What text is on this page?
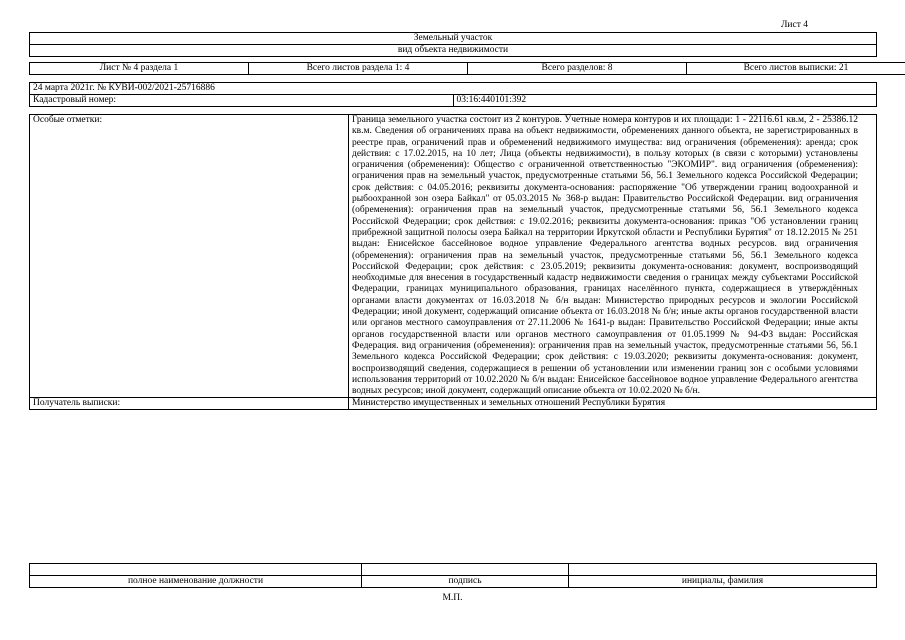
Лист 4
Земельный участок
вид объекта недвижимости
Лист № 4 раздела 1	Всего листов раздела 1: 4	Всего разделов: 8	Всего листов выписки: 21
24 марта 2021г. № КУВИ-002/2021-25716886
Кадастровый номер:	03:16:440101:392
Особые отметки:	Граница земельного участка состоит из 2 контуров. Учетные номера контуров и их площади: 1 - 22116.61 кв.м, 2 - 25386.12 кв.м. Сведения об ограничениях права на объект недвижимости, обременениях данного объекта, не зарегистрированных в реестре прав, ограничений прав и обременений недвижимого имущества: вид ограничения (обременения): аренда; срок действия: с 17.02.2015, на 10 лет; Лица (объекты недвижимости), в пользу которых (в связи с которыми) установлены ограничения (обременения): Общество с ограниченной ответственностью "ЭКОМИР". вид ограничения (обременения): ограничения прав на земельный участок, предусмотренные статьями 56, 56.1 Земельного кодекса Российской Федерации; срок действия: с 04.05.2016; реквизиты документа-основания: распоряжение "Об утверждении границ водоохранной и рыбоохранной зон озера Байкал" от 05.03.2015 № 368-р выдан: Правительство Российской Федерации. вид ограничения (обременения): ограничения прав на земельный участок, предусмотренные статьями 56, 56.1 Земельного кодекса Российской Федерации; срок действия: с 19.02.2016; реквизиты документа-основания: приказ "Об установлении границ прибрежной защитной полосы озера Байкал на территории Иркутской области и Республики Бурятия" от 18.12.2015 № 251 выдан: Енисейское бассейновое водное управление Федерального агентства водных ресурсов. вид ограничения (обременения): ограничения прав на земельный участок, предусмотренные статьями 56, 56.1 Земельного кодекса Российской Федерации; срок действия: с 23.05.2019; реквизиты документа-основания: документ, воспроизводящий необходимые для внесения в государственный кадастр недвижимости сведения о границах между субъектами Российской Федерации, границах муниципального образования, границах населённого пункта, содержащиеся в утверждённых органами власти документах от 16.03.2018 № б/н выдан: Министерство природных ресурсов и экологии Российской Федерации; иной документ, содержащий описание объекта от 16.03.2018 № б/н; иные акты органов государственной власти или органов местного самоуправления от 27.11.2006 № 1641-р выдан: Правительство Российской Федерации; иные акты органов государственной власти или органов местного самоуправления от 01.05.1999 № 94-ФЗ выдан: Российская Федерация. вид ограничения (обременения): ограничения прав на земельный участок, предусмотренные статьями 56, 56.1 Земельного кодекса Российской Федерации; срок действия: с 19.03.2020; реквизиты документа-основания: документ, воспроизводящий сведения, содержащиеся в решении об установлении или изменении границ зон с особыми условиями использования территорий от 10.02.2020 № б/н выдан: Енисейское бассейновое водное управление Федерального агентства водных ресурсов; иной документ, содержащий описание объекта от 10.02.2020 № б/н.
Получатель выписки:	Министерство имущественных и земельных отношений Республики Бурятия

полное наименование должности	подпись	инициалы, фамилия
М.П.
